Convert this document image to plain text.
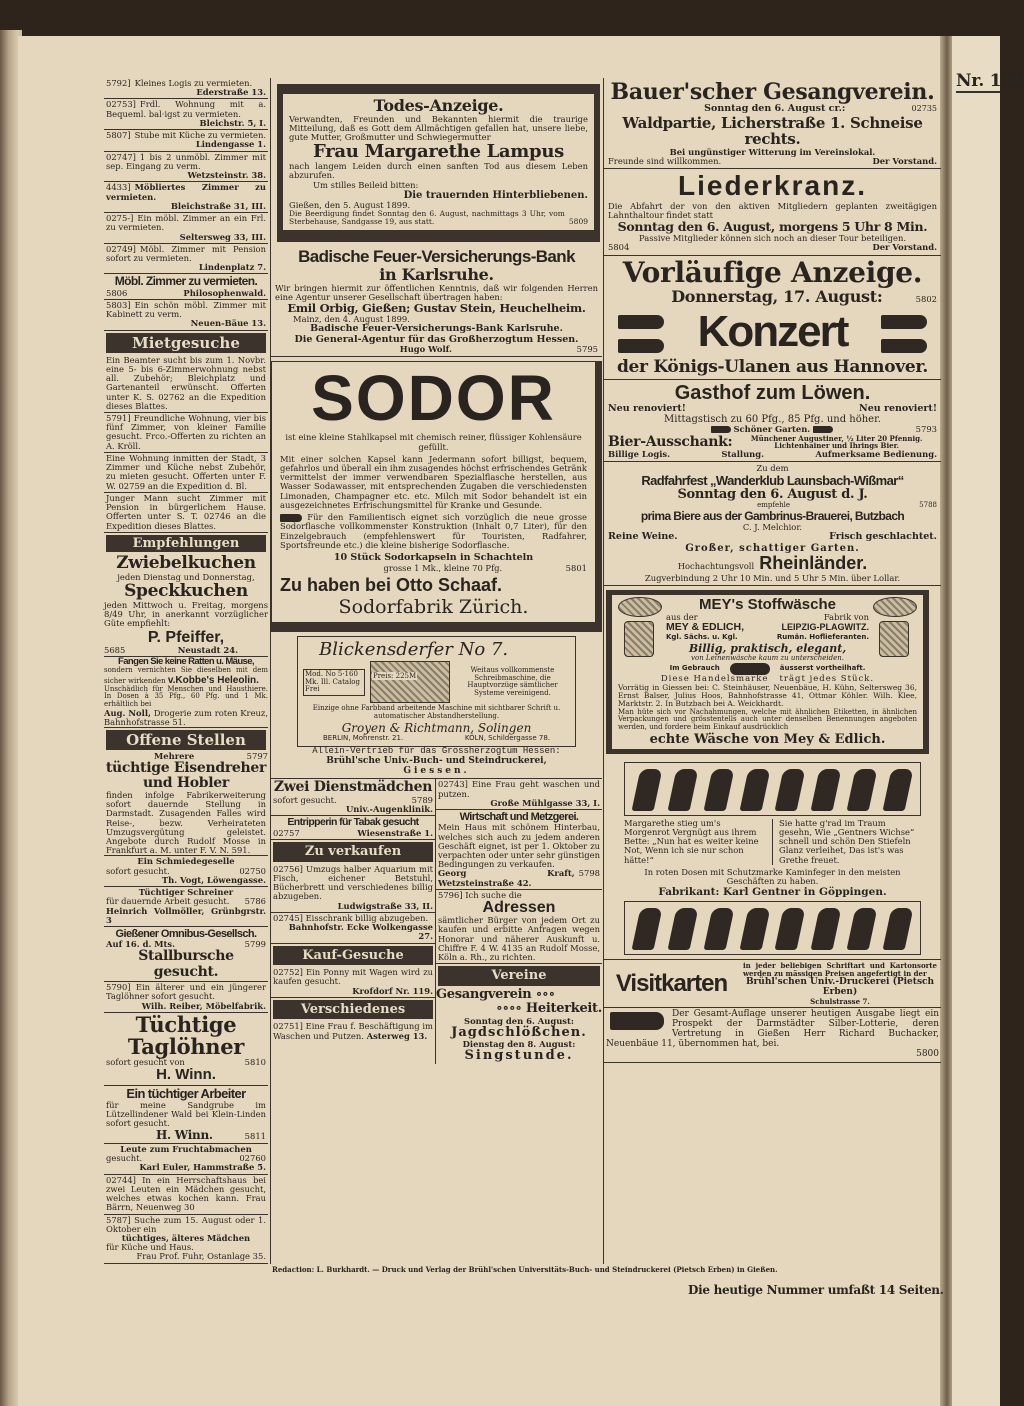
Nr. 183
5792] Kleines Logis zu vermieten.
Ederstraße 13.
02753] Frdl. Wohnung mit a. Bequeml. bal·igst zu vermieten.
Bleichstr. 5, I.
5807] Stube mit Küche zu vermieten.
Lindengasse 1.
02747] 1 bis 2 unmöbl. Zimmer mit sep. Eingang zu verm.
Wetzsteinstr. 38.
4433] Möbliertes Zimmer zu vermieten.
Bleichstraße 31, III.
0275-] Ein möbl. Zimmer an ein Frl. zu vermieten.
Seltersweg 33, III.
02749] Möbl. Zimmer mit Pension sofort zu vermieten.
Lindenplatz 7.
Möbl. Zimmer zu vermieten.
5806	Philosophenwald.
5803] Ein schön möbl. Zimmer mit Kabinett zu verm.
Neuen-Bäue 13.
Mietgesuche
Ein Beamter sucht bis zum 1. Novbr. eine 5- bis 6-Zimmerwohnung nebst all. Zubehör; Bleichplatz und Gartenanteil erwünscht. Offerten unter K. S. 02762 an die Expedition dieses Blattes.
5791] Freundliche Wohnung, vier bis fünf Zimmer, von kleiner Familie gesucht. Frco.-Offerten zu richten an A. Kröll.
Eine Wohnung inmitten der Stadt, 3 Zimmer und Küche nebst Zubehör, zu mieten gesucht. Offerten unter F. W. 02759 an die Expedition d. Bl.
Junger Mann sucht Zimmer mit Pension in bürgerlichem Hause. Offerten unter S. T. 02746 an die Expedition dieses Blattes.
Empfehlungen
Zwiebelkuchen
jeden Dienstag und Donnerstag,
Speckkuchen
jeden Mittwoch u. Freitag, morgens 8/49 Uhr, in anerkannt vorzüglicher Güte empfiehlt:
P. Pfeiffer,
5685	Neustadt 24.
Fangen Sie keine Ratten u. Mäuse,
sondern vernichten Sie dieselben mit dem sicher wirkenden v.Kobbe's Heleolin.
Unschädlich für Menschen und Hausthiere. In Dosen à 35 Pfg., 60 Pfg. und 1 Mk. erhältlich bei
Aug. Noll, Drogerie zum roten Kreuz, Bahnhofstrasse 51.
Offene Stellen
Mehrere	5797
tüchtige Eisendreher und Hobler
finden infolge Fabrikerweiterung sofort dauernde Stellung in Darmstadt. Zusagenden Falles wird Reise-, bezw. Verheirateten Umzugsvergütung geleistet. Angebote durch Rudolf Mosse in Frankfurt a. M. unter F. V. N. 591.
Ein Schmiedegeselle
sofort gesucht.	02750
Th. Vogt, Löwengasse.
Tüchtiger Schreiner
für dauernde Arbeit gesucht. 5786
Heinrich Vollmöller, Grünbgrstr. 3
Gießener Omnibus-Gesellsch.
Auf 16. d. Mts.	5799
Stallbursche gesucht.
5790] Ein älterer und ein jüngerer Taglöhner sofort gesucht.
Wilh. Reiber, Möbelfabrik.
Tüchtige Taglöhner
sofort gesucht von	5810
H. Winn.
Ein tüchtiger Arbeiter
für meine Sandgrube im Lützellindener Wald bei Klein-Linden sofort gesucht.
H. Winn.	5811
Leute zum Fruchtabmachen
gesucht.	02760
Karl Euler, Hammstraße 5.
02744] In ein Herrschaftshaus bei zwei Leuten ein Mädchen gesucht, welches etwas kochen kann. Frau Bärrn, Neuenweg 30
5787] Suche zum 15. August oder 1. Oktober ein
tüchtiges, älteres Mädchen
für Küche und Haus.
Frau Prof. Fuhr, Ostanlage 35.
Todes-Anzeige.
Verwandten, Freunden und Bekannten hiermit die traurige Mitteilung, daß es Gott dem Allmächtigen gefallen hat, unsere liebe, gute Mutter, Großmutter und Schwiegermutter
Frau Margarethe Lampus
nach langem Leiden durch einen sanften Tod aus diesem Leben abzurufen.
Um stilles Beileid bitten:
Die trauernden Hinterbliebenen.
Gießen, den 5. August 1899.
Die Beerdigung findet Sonntag den 6. August, nachmittags 3 Uhr, vom Sterbehause, Sandgasse 19, aus statt.	5809
Badische Feuer-Versicherungs-Bank
in Karlsruhe.
Wir bringen hiermit zur öffentlichen Kenntnis, daß wir folgenden Herren eine Agentur unserer Gesellschaft übertragen haben:
Emil Orbig, Gießen; Gustav Stein, Heuchelheim.
Mainz, den 4. August 1899.
Badische Feuer-Versicherungs-Bank Karlsruhe.
Die General-Agentur für das Großherzogtum Hessen.
Hugo Wolf.	5795
SODOR
ist eine kleine Stahlkapsel mit chemisch reiner, flüssiger Kohlensäure gefüllt.
Mit einer solchen Kapsel kann Jedermann sofort billigst, bequem, gefahrlos und überall ein ihm zusagendes höchst erfrischendes Getränk vermittelst der immer verwendbaren Spezialflasche herstellen, aus Wasser Sodawasser, mit entsprechenden Zugaben die verschiedensten Limonaden, Champagner etc. etc. Milch mit Sodor behandelt ist ein ausgezeichnetes Erfrischungsmittel für Kranke und Gesunde.
Für den Familientisch eignet sich vorzüglich die neue grosse Sodorflasche vollkommenster Konstruktion (Inhalt 0,7 Liter), für den Einzelgebrauch (empfehlenswert für Touristen, Radfahrer, Sportsfreunde etc.) die kleine bisherige Sodorflasche.
10 Stück Sodorkapseln in Schachteln
grosse 1 Mk., kleine 70 Pfg.	5801
Zu haben bei Otto Schaaf.
Sodorfabrik Zürich.
Blickensderfer No 7.
Mod. No 5·160 Mk. Ill. Catalog Frei
Preis: 225M
Weitaus vollkommenste Schreibmaschine, die Hauptvorzüge sämtlicher Systeme vereinigend.
Einzige ohne Farbband arbeitende Maschine mit sichtbarer Schrift u. automatischer Abstandherstellung.
Groyen & Richtmann, Solingen
BERLIN, Mohrenstr. 21.	KÖLN, Schildergasse 78.
Allein-Vertrieb für das Grossherzogtum Hessen:
Brühl'sche Univ.-Buch- und Steindruckerei,
Giessen.
Zwei Dienstmädchen
sofort gesucht.	5789
Univ.-Augenklinik.
Entripperin für Tabak gesucht
02757	Wiesenstraße 1.
Zu verkaufen
02756] Umzugs halber Aquarium mit Fisch, eichener Betstuhl, Bücherbrett und verschiedenes billig abzugeben.
Ludwigstraße 33, II.
02745] Eisschrank billig abzugeben.
Bahnhofstr. Ecke Wolkengasse 27.
Kauf-Gesuche
02752] Ein Ponny mit Wagen wird zu kaufen gesucht.
Krofdorf Nr. 119.
Verschiedenes
02751] Eine Frau f. Beschäftigung im Waschen und Putzen. Asterweg 13.
02743] Eine Frau geht waschen und putzen.
Große Mühlgasse 33, I.
Wirtschaft und Metzgerei.
Mein Haus mit schönem Hinterbau, welches sich auch zu jedem anderen Geschäft eignet, ist per 1. Oktober zu verpachten oder unter sehr günstigen Bedingungen zu verkaufen.
Georg Kraft, Wetzsteinstraße 42.
5798
5796] Ich suche die
Adressen
sämtlicher Bürger von jedem Ort zu kaufen und erbitte Anfragen wegen Honorar und näherer Auskunft u. Chiffre F. 4 W. 4135 an Rudolf Mosse, Köln a. Rh., zu richten.
Vereine
Gesangverein ∘∘∘
∘∘∘∘ Heiterkeit.
Sonntag den 6. August:
Jagdschlößchen.
Dienstag den 8. August:
Singstunde.
Bauer'scher Gesangverein.
Sonntag den 6. August cr.:	02735
Waldpartie, Licherstraße 1. Schneise rechts.
Bei ungünstiger Witterung im Vereinslokal.
Freunde sind willkommen.	Der Vorstand.
Liederkranz.
Die Abfahrt der von den aktiven Mitgliedern geplanten zweitägigen Lahnthaltour findet statt
Sonntag den 6. August, morgens 5 Uhr 8 Min.
Passive Mitglieder können sich noch an dieser Tour beteiligen.
5804	Der Vorstand.
Vorläufige Anzeige.
Donnerstag, 17. August:	5802
Konzert
der Königs-Ulanen aus Hannover.
Gasthof zum Löwen.
Neu renoviert!	Neu renoviert!
Mittagstisch zu 60 Pfg., 85 Pfg. und höher.
Schöner Garten.	5793
Bier-Ausschank:	Münchener Augustiner, ½ Liter 20 Pfennig.
Lichtenhainer und Ihrings Bier.
Billige Logis.	Stallung.	Aufmerksame Bedienung.
Zu dem
Radfahrfest „Wanderklub Launsbach-Wißmar“
Sonntag den 6. August d. J.
empfehle	5788
prima Biere aus der Gambrinus-Brauerei, Butzbach
C. J. Melchior.
Reine Weine.	Frisch geschlachtet.
Großer, schattiger Garten.
Hochachtungsvoll Rheinländer.
Zugverbindung 2 Uhr 10 Min. und 5 Uhr 5 Min. über Lollar.
MEY's Stoffwäsche
aus der	Fabrik von
MEY & EDLICH,	LEIPZIG-PLAGWITZ.
Kgl. Sächs. u. Kgl.	Rumän. Hoflieferanten.
Billig, praktisch, elegant,
von Leinenwäsche kaum zu unterscheiden.
Im Gebrauch	äusserst vortheilhaft.
Diese Handelsmarke trägt jedes Stück.
Vorrätig in Giessen bei: C. Steinhäuser, Neuenbäue, H. Kühn, Seltersweg 36, Ernst Balser, Julius Hoos, Bahnhofstrasse 41, Ottmar Köhler. Wilh. Klee, Marktstr. 2. In Butzbach bei A. Weickhardt.
Man hüte sich vor Nachahmungen, welche mit ähnlichen Etiketten, in ähnlichen Verpackungen und grösstentells auch unter denselben Benennungen angeboten werden, und fordere beim Einkauf ausdrücklich
echte Wäsche von Mey & Edlich.
Margarethe stieg um's Morgenrot Vergnügt aus ihrem Bette: „Nun hat es weiter keine Not, Wenn ich sie nur schon hätte!“
Sie hatte g'rad im Traum gesehn, Wie „Gentners Wichse“ schnell und schön Den Stiefeln Glanz verleihet, Das ist's was Grethe freuet.
In roten Dosen mit Schutzmarke Kaminfeger in den meisten Geschäften zu haben.
Fabrikant: Karl Gentner in Göppingen.
Visitkarten
in jeder beliebigen Schriftart und Kartonsorte werden zu mässigen Preisen angefertigt in der
Brühl'schen Univ.-Druckerei (Pietsch Erben)
Schulstrasse 7.
Der Gesamt-Auflage unserer heutigen Ausgabe liegt ein Prospekt der Darmstädter Silber-Lotterie, deren Vertretung in Gießen Herr Richard Buchacker, Neuenbäue 11, übernommen hat, bei.
5800
Redaction: L. Burkhardt. — Druck und Verlag der Brühl'schen Universitäts-Buch- und Steindruckerei (Pietsch Erben) in Gießen.
Die heutige Nummer umfaßt 14 Seiten.
